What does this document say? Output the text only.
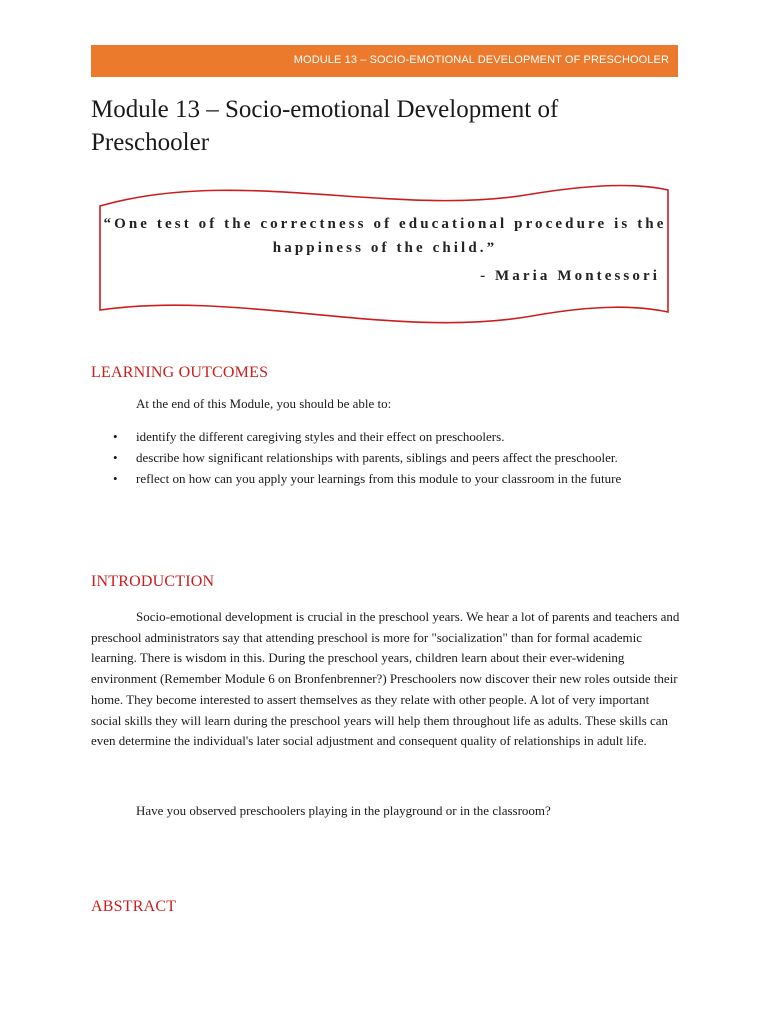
MODULE 13 – SOCIO-EMOTIONAL DEVELOPMENT OF PRESCHOOLER
Module 13 – Socio-emotional Development of Preschooler
“One test of the correctness of educational procedure is the happiness of the child.”
- Maria Montessori
LEARNING OUTCOMES

At the end of this Module, you should be able to:

• identify the different caregiving styles and their effect on preschoolers.
• describe how significant relationships with parents, siblings and peers affect the preschooler.
• reflect on how can you apply your learnings from this module to your classroom in the future
INTRODUCTION

Socio-emotional development is crucial in the preschool years. We hear a lot of parents and teachers and preschool administrators say that attending preschool is more for "socialization" than for formal academic learning. There is wisdom in this. During the preschool years, children learn about their ever-widening environment (Remember Module 6 on Bronfenbrenner?) Preschoolers now discover their new roles outside their home. They become interested to assert themselves as they relate with other people. A lot of very important social skills they will learn during the preschool years will help them throughout life as adults. These skills can even determine the individual's later social adjustment and consequent quality of relationships in adult life.

Have you observed preschoolers playing in the playground or in the classroom?

ABSTRACT
